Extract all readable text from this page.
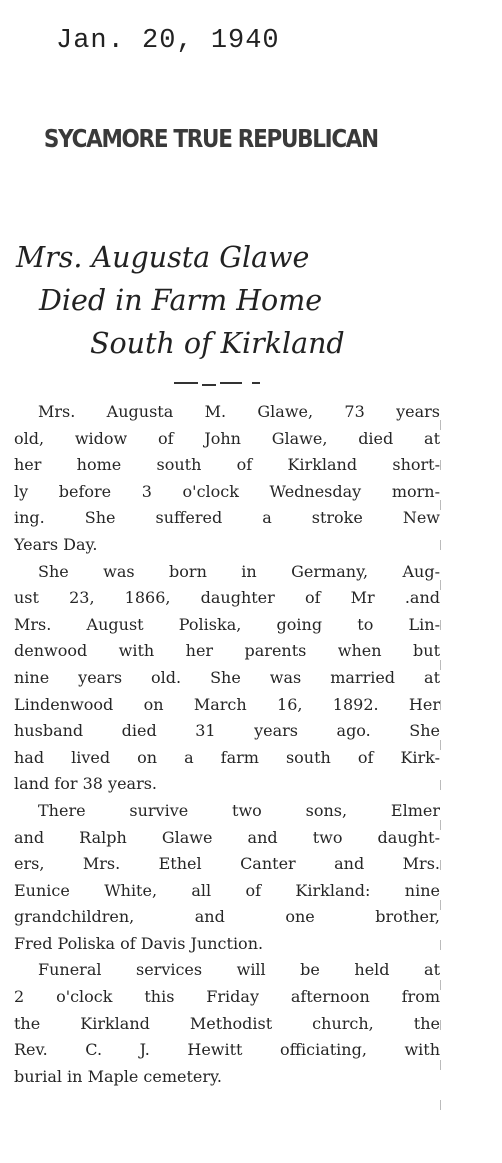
Jan. 20, 1940
SYCAMORE TRUE REPUBLICAN
Mrs. Augusta Glawe
Died in Farm Home
South of Kirkland
Mrs. Augusta M. Glawe, 73 years
old, widow of John Glawe, died at
her home south of Kirkland short-
ly before 3 o'clock Wednesday morn-
ing. She suffered a stroke New
Years Day.
She was born in Germany, Aug-
ust 23, 1866, daughter of Mr .and
Mrs. August Poliska, going to Lin-
denwood with her parents when but
nine years old. She was married at
Lindenwood on March 16, 1892. Her
husband died 31 years ago. She
had lived on a farm south of Kirk-
land for 38 years.
There survive two sons, Elmer
and Ralph Glawe and two daught-
ers, Mrs. Ethel Canter and Mrs.
Eunice White, all of Kirkland: nine
grandchildren, and one brother,
Fred Poliska of Davis Junction.
Funeral services will be held at
2 o'clock this Friday afternoon from
the Kirkland Methodist church, the
Rev. C. J. Hewitt officiating, with
burial in Maple cemetery.
